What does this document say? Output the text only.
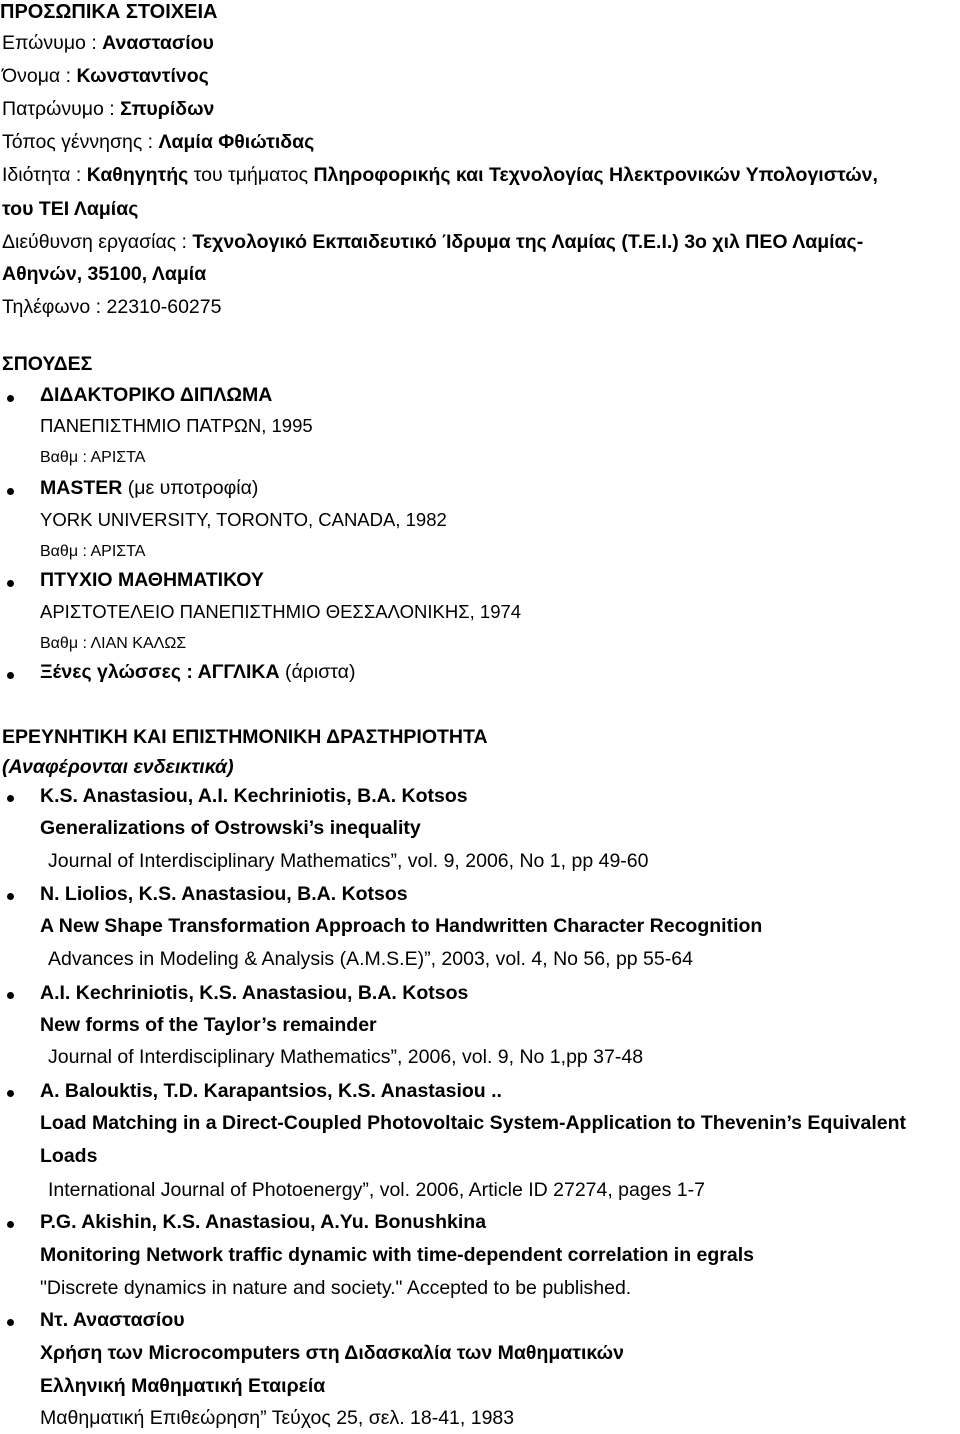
ΠΡΟΣΩΠΙΚΑ ΣΤΟΙΧΕΙΑ
Επώνυμο : Αναστασίου
Όνομα : Κωνσταντίνος
Πατρώνυμο : Σπυρίδων
Τόπος γέννησης : Λαμία Φθιώτιδας
Ιδιότητα : Καθηγητής του τμήματος Πληροφορικής και Τεχνολογίας Ηλεκτρονικών Υπολογιστών,
του ΤΕΙ Λαμίας
Διεύθυνση εργασίας : Τεχνολογικό Εκπαιδευτικό Ίδρυμα της Λαμίας (Τ.Ε.Ι.) 3ο χιλ ΠΕΟ Λαμίας-
Αθηνών, 35100, Λαμία
Τηλέφωνο : 22310-60275
ΣΠΟΥΔΕΣ
ΔΙΔΑΚΤΟΡΙΚΟ ΔΙΠΛΩΜΑ
ΠΑΝΕΠΙΣΤΗΜΙΟ ΠΑΤΡΩΝ, 1995
Βαθμ : ΑΡΙΣΤΑ
MASTER (με υποτροφία)
YORK UNIVERSITY, TORONTO, CANADA, 1982
Βαθμ : ΑΡΙΣΤΑ
ΠΤΥΧΙΟ ΜΑΘΗΜΑΤΙΚΟΥ
ΑΡΙΣΤΟΤΕΛΕΙΟ ΠΑΝΕΠΙΣΤΗΜΙΟ ΘΕΣΣΑΛΟΝΙΚΗΣ, 1974
Βαθμ : ΛΙΑΝ ΚΑΛΩΣ
Ξένες γλώσσες : ΑΓΓΛΙΚΑ (άριστα)
ΕΡΕΥΝΗΤΙΚΗ ΚΑΙ ΕΠΙΣΤΗΜΟΝΙΚΗ ΔΡΑΣΤΗΡΙΟΤΗΤΑ
(Αναφέρονται ενδεικτικά)
K.S. Anastasiou, A.I. Kechriniotis, B.A. Kotsos
Generalizations of Ostrowski’s inequality
Journal of Interdisciplinary Mathematics”, vol. 9, 2006, No 1, pp 49-60
N. Liolios, K.S. Anastasiou, B.A. Kotsos
A New Shape Transformation Approach to Handwritten Character Recognition
Advances in Modeling & Analysis (A.M.S.E)”, 2003, vol. 4, No 56, pp 55-64
A.I. Kechriniotis, K.S. Anastasiou, B.A. Kotsos
New forms of the Taylor’s remainder
Journal of Interdisciplinary Mathematics”, 2006, vol. 9, No 1,pp 37-48
A. Balouktis, T.D. Karapantsios, K.S. Anastasiou ..
Load Matching in a Direct-Coupled Photovoltaic System-Application to Thevenin’s Equivalent
Loads
International Journal of Photoenergy”, vol. 2006, Article ID 27274, pages 1-7
P.G. Akishin, K.S. Anastasiou, A.Yu. Bonushkina
Monitoring Network traffic dynamic with time-dependent correlation in egrals
"Discrete dynamics in nature and society." Accepted to be published.
Ντ. Αναστασίου
Χρήση των Microcomputers στη Διδασκαλία των Μαθηματικών
Ελληνική Μαθηματική Εταιρεία
Μαθηματική Επιθεώρηση” Τεύχος 25, σελ. 18-41, 1983
